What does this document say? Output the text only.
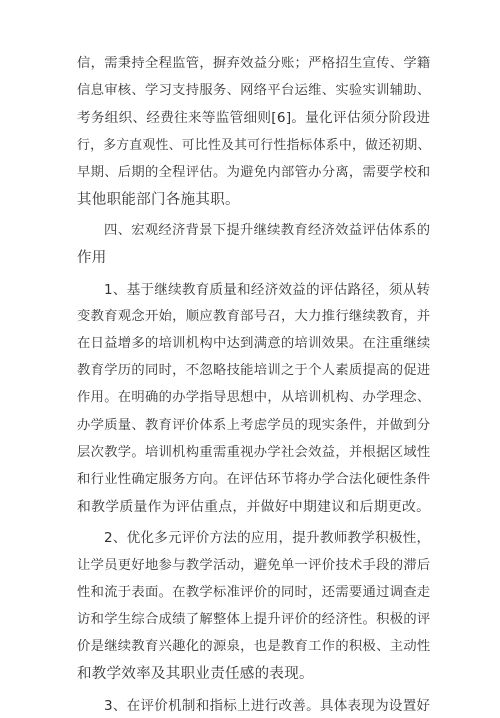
信，需秉持全程监管，摒弃效益分账；严格招生宣传、学籍
信息审核、学习支持服务、网络平台运维、实验实训辅助、
考务组织、经费往来等监管细则[6]。量化评估须分阶段进
行，多方直观性、可比性及其可行性指标体系中，做还初期、
早期、后期的全程评估。为避免内部管办分离，需要学校和
其他职能部门各施其职。
四、宏观经济背景下提升继续教育经济效益评估体系的
作用
1、基于继续教育质量和经济效益的评估路径，须从转
变教育观念开始，顺应教育部号召，大力推行继续教育，并
在日益增多的培训机构中达到满意的培训效果。在注重继续
教育学历的同时，不忽略技能培训之于个人素质提高的促进
作用。在明确的办学指导思想中，从培训机构、办学理念、
办学质量、教育评价体系上考虑学员的现实条件，并做到分
层次教学。培训机构重需重视办学社会效益，并根据区域性
和行业性确定服务方向。在评估环节将办学合法化硬性条件
和教学质量作为评估重点，并做好中期建议和后期更改。
2、优化多元评价方法的应用，提升教师教学积极性，
让学员更好地参与教学活动，避免单一评价技术手段的滞后
性和流于表面。在教学标准评价的同时，还需要通过调查走
访和学生综合成绩了解整体上提升评价的经济性。积极的评
价是继续教育兴趣化的源泉，也是教育工作的积极、主动性
和教学效率及其职业责任感的表现。
3、在评价机制和指标上进行改善。具体表现为设置好
